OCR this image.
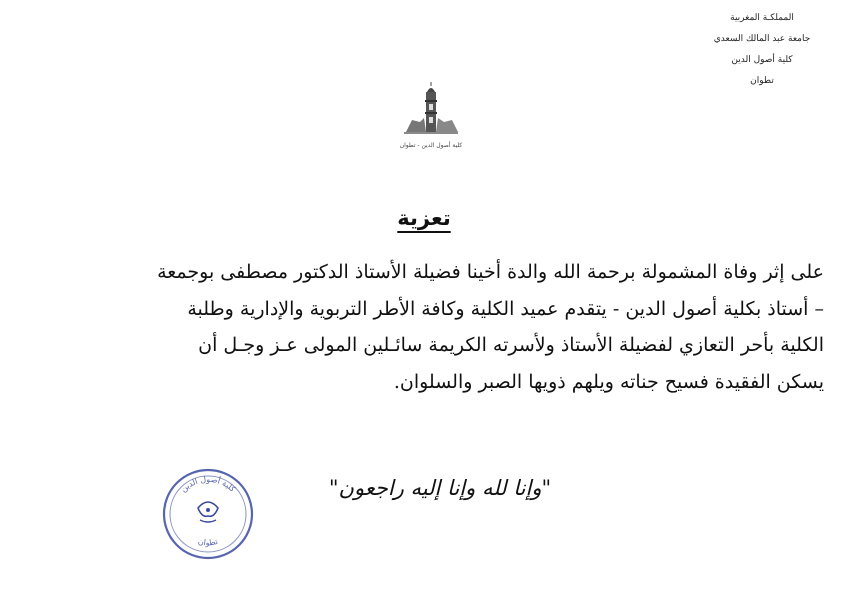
المملكـة المغربية
جامعة عبد المالك السعدي
كلية أصول الدين
تطوان
كلية أصول الدين - تطوان
تعزية
على إثر وفاة المشمولة برحمة الله والدة أخينا فضيلة الأستاذ الدكتور مصطفى بوجمعة
– أستاذ بكلية أصول الدين - يتقدم عميد الكلية وكافة الأطر التربوية والإدارية وطلبة
الكلية بأحر التعازي لفضيلة الأستاذ ولأسرته الكريمة سائـلين المولى عـز وجـل أن
يسكن الفقيدة فسيح جناته ويلهم ذويها الصبر والسلوان.
"وإنا لله وإنا إليه راجعون"
كلية أصول الدين
تطوان
